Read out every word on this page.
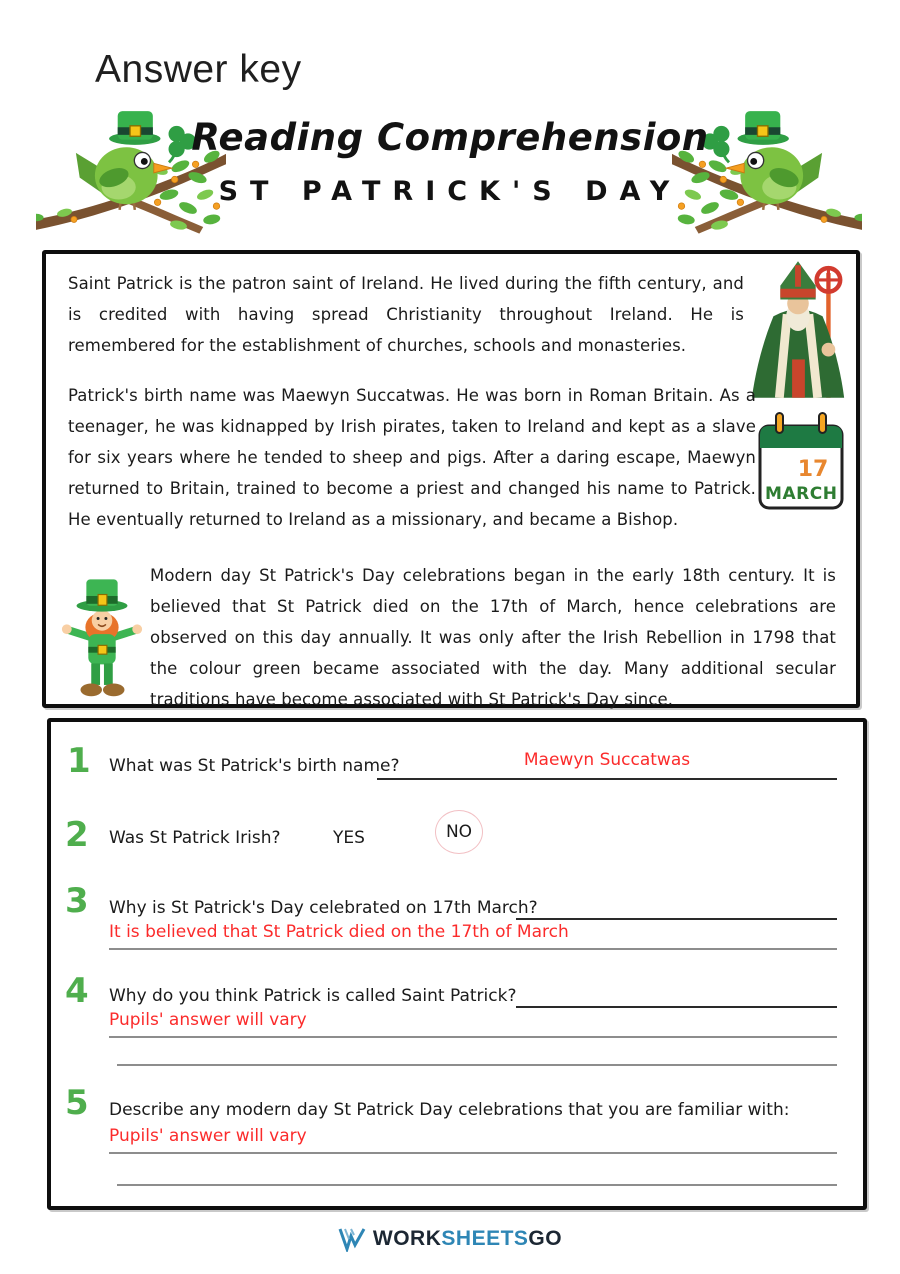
Answer key
Reading Comprehension
ST PATRICK'S DAY

Saint Patrick is the patron saint of Ireland. He lived during the fifth century, and is credited with having spread Christianity throughout Ireland. He is remembered for the establishment of churches, schools and monasteries.

Patrick's birth name was Maewyn Succatwas. He was born in Roman Britain. As a teenager, he was kidnapped by Irish pirates, taken to Ireland and kept as a slave for six years where he tended to sheep and pigs. After a daring escape, Maewyn returned to Britain, trained to become a priest and changed his name to Patrick. He eventually returned to Ireland as a missionary, and became a Bishop.

17
MARCH

Modern day St Patrick's Day celebrations began in the early 18th century. It is believed that St Patrick died on the 17th of March, hence celebrations are observed on this day annually. It was only after the Irish Rebellion in 1798 that the colour green became associated with the day. Many additional secular traditions have become associated with St Patrick's Day since.

1 What was St Patrick's birth name?	Maewyn Succatwas
2 Was St Patrick Irish?	YES	NO
3 Why is St Patrick's Day celebrated on 17th March?
It is believed that St Patrick died on the 17th of March
4 Why do you think Patrick is called Saint Patrick?
Pupils' answer will vary
5 Describe any modern day St Patrick Day celebrations that you are familiar with:
Pupils' answer will vary
WORKSHEETSGO
